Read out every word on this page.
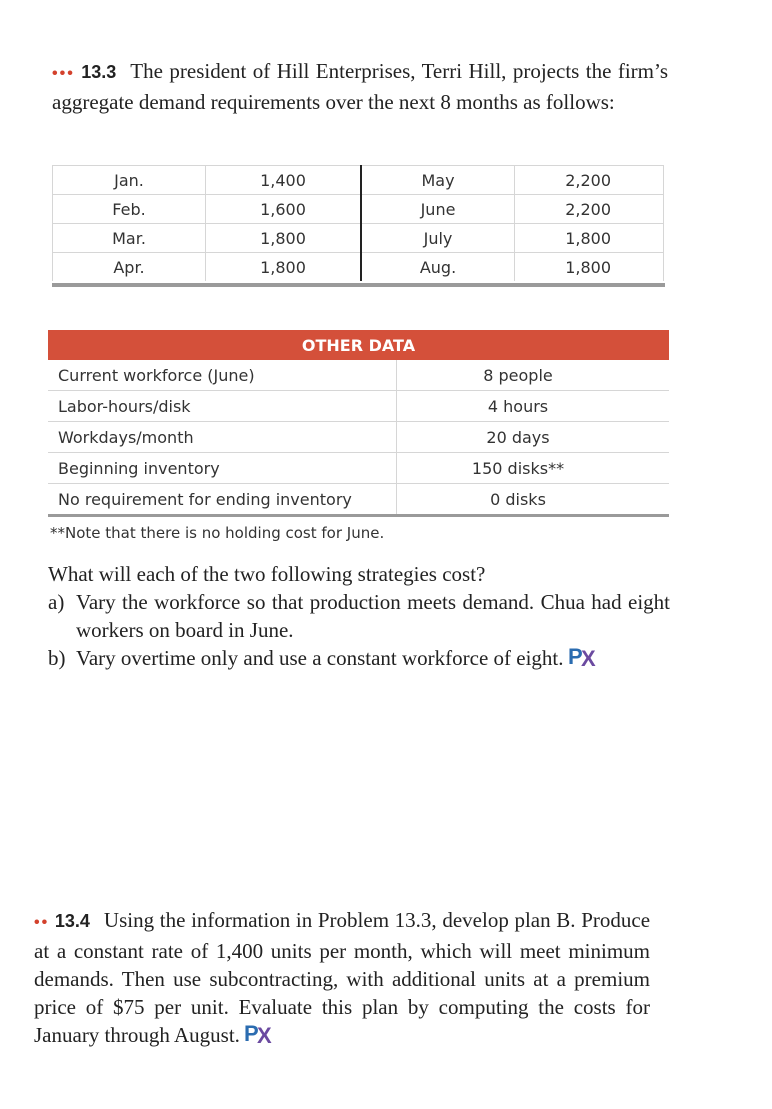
••• 13.3 The president of Hill Enterprises, Terri Hill, projects the firm’s aggregate demand requirements over the next 8 months as follows:
Jan.	1,400	May	2,200
Feb.	1,600	June	2,200
Mar.	1,800	July	1,800
Apr.	1,800	Aug.	1,800
OTHER DATA
Current workforce (June)	8 people
Labor-hours/disk	4 hours
Workdays/month	20 days
Beginning inventory	150 disks**
No requirement for ending inventory	0 disks
**Note that there is no holding cost for June.
What will each of the two following strategies cost?
a) Vary the workforce so that production meets demand. Chua had eight workers on board in June.
b) Vary overtime only and use a constant workforce of eight. P
X
•• 13.4 Using the information in Problem 13.3, develop plan B. Produce at a constant rate of 1,400 units per month, which will meet minimum demands. Then use subcontracting, with additional units at a premium price of $75 per unit. Evaluate this plan by computing the costs for January through August. P
X
